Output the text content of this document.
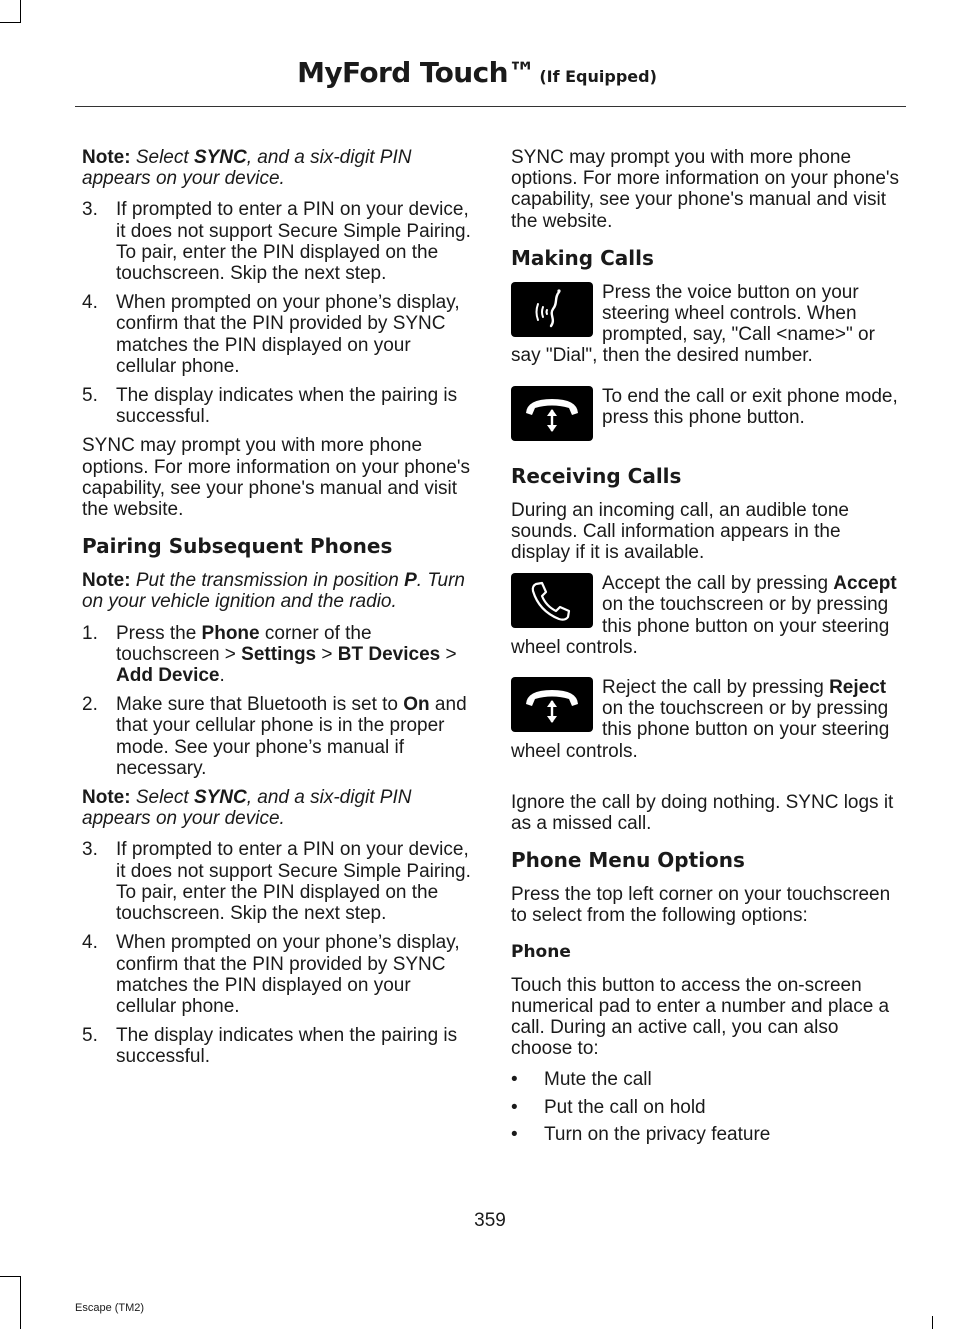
MyFord Touch™ (If Equipped)
Note: Select SYNC, and a six-digit PIN appears on your device.
3. If prompted to enter a PIN on your device, it does not support Secure Simple Pairing. To pair, enter the PIN displayed on the touchscreen. Skip the next step.
4. When prompted on your phone’s display, confirm that the PIN provided by SYNC matches the PIN displayed on your cellular phone.
5. The display indicates when the pairing is successful.
SYNC may prompt you with more phone options. For more information on your phone's capability, see your phone's manual and visit the website.
Pairing Subsequent Phones
Note: Put the transmission in position P. Turn on your vehicle ignition and the radio.
1. Press the Phone corner of the touchscreen > Settings > BT Devices > Add Device.
2. Make sure that Bluetooth is set to On and that your cellular phone is in the proper mode. See your phone’s manual if necessary.
Note: Select SYNC, and a six-digit PIN appears on your device.
3. If prompted to enter a PIN on your device, it does not support Secure Simple Pairing. To pair, enter the PIN displayed on the touchscreen. Skip the next step.
4. When prompted on your phone’s display, confirm that the PIN provided by SYNC matches the PIN displayed on your cellular phone.
5. The display indicates when the pairing is successful.
SYNC may prompt you with more phone options. For more information on your phone's capability, see your phone's manual and visit the website.
Making Calls
Press the voice button on your steering wheel controls. When prompted, say, "Call <name>" or say "Dial", then the desired number.
To end the call or exit phone mode, press this phone button.
Receiving Calls
During an incoming call, an audible tone sounds. Call information appears in the display if it is available.
Accept the call by pressing Accept on the touchscreen or by pressing this phone button on your steering wheel controls.
Reject the call by pressing Reject on the touchscreen or by pressing this phone button on your steering wheel controls.
Ignore the call by doing nothing. SYNC logs it as a missed call.
Phone Menu Options
Press the top left corner on your touchscreen to select from the following options:
Phone
Touch this button to access the on-screen numerical pad to enter a number and place a call. During an active call, you can also choose to:
• Mute the call
• Put the call on hold
• Turn on the privacy feature
359
Escape (TM2)
